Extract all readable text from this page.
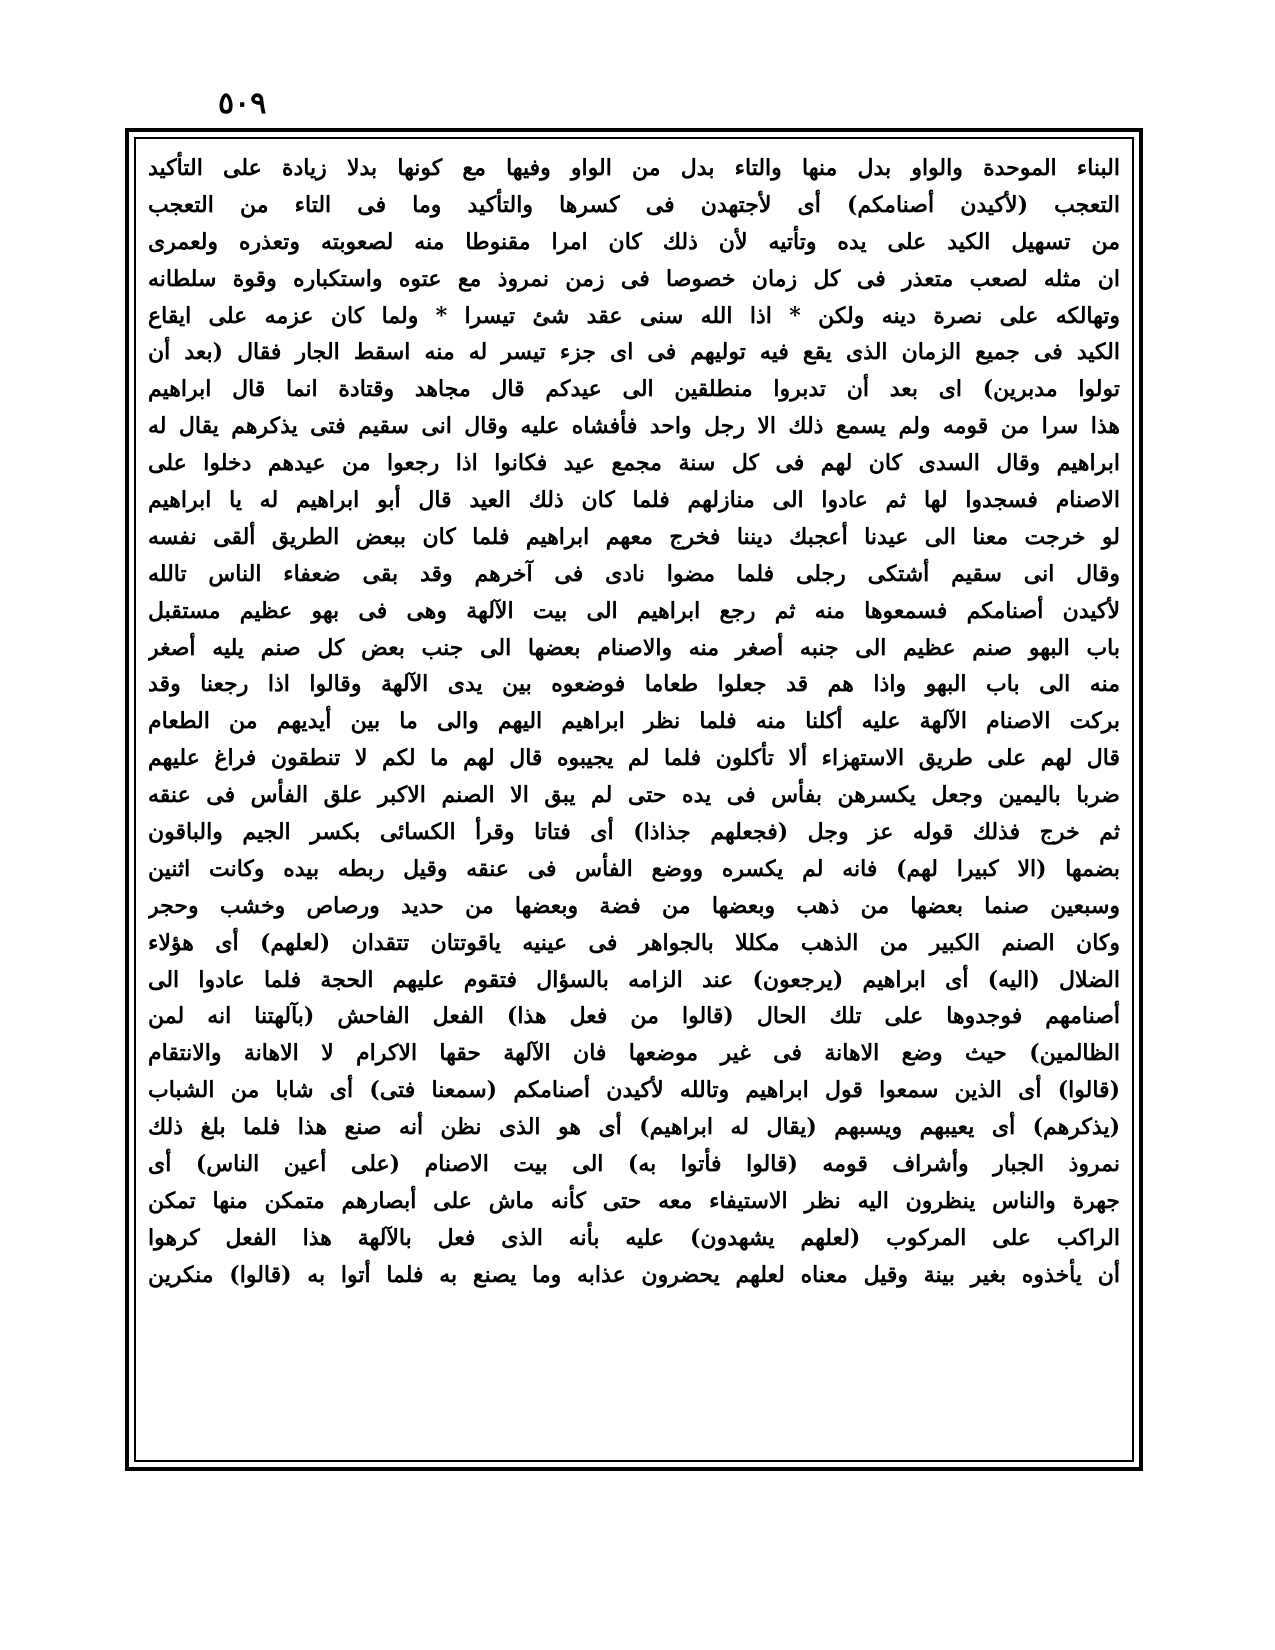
٥٠٩
البناء الموحدة والواو بدل منها والتاء بدل من الواو وفيها مع كونها بدلا زيادة على التأكيد
التعجب (لأكيدن أصنامكم) أى لأجتهدن فى كسرها والتأكيد وما فى التاء من التعجب
من تسهيل الكيد على يده وتأتيه لأن ذلك كان امرا مقنوطا منه لصعوبته وتعذره ولعمرى
ان مثله لصعب متعذر فى كل زمان خصوصا فى زمن نمروذ مع عتوه واستكباره وقوة سلطانه
وتهالكه على نصرة دينه ولكن * اذا الله سنى عقد شئ تيسرا * ولما كان عزمه على ايقاع
الكيد فى جميع الزمان الذى يقع فيه توليهم فى اى جزء تيسر له منه اسقط الجار فقال (بعد أن
تولوا مدبرين) اى بعد أن تدبروا منطلقين الى عيدكم قال مجاهد وقتادة انما قال ابراهيم
هذا سرا من قومه ولم يسمع ذلك الا رجل واحد فأفشاه عليه وقال انى سقيم فتى يذكرهم يقال له
ابراهيم وقال السدى كان لهم فى كل سنة مجمع عيد فكانوا اذا رجعوا من عيدهم دخلوا على
الاصنام فسجدوا لها ثم عادوا الى منازلهم فلما كان ذلك العيد قال أبو ابراهيم له يا ابراهيم
لو خرجت معنا الى عيدنا أعجبك ديننا فخرج معهم ابراهيم فلما كان ببعض الطريق ألقى نفسه
وقال انى سقيم أشتكى رجلى فلما مضوا نادى فى آخرهم وقد بقى ضعفاء الناس تالله
لأكيدن أصنامكم فسمعوها منه ثم رجع ابراهيم الى بيت الآلهة وهى فى بهو عظيم مستقبل
باب البهو صنم عظيم الى جنبه أصغر منه والاصنام بعضها الى جنب بعض كل صنم يليه أصغر
منه الى باب البهو واذا هم قد جعلوا طعاما فوضعوه بين يدى الآلهة وقالوا اذا رجعنا وقد
بركت الاصنام الآلهة عليه أكلنا منه فلما نظر ابراهيم اليهم والى ما بين أيديهم من الطعام
قال لهم على طريق الاستهزاء ألا تأكلون فلما لم يجيبوه قال لهم ما لكم لا تنطقون فراغ عليهم
ضربا باليمين وجعل يكسرهن بفأس فى يده حتى لم يبق الا الصنم الاكبر علق الفأس فى عنقه
ثم خرج فذلك قوله عز وجل (فجعلهم جذاذا) أى فتاتا وقرأ الكسائى بكسر الجيم والباقون
بضمها (الا كبيرا لهم) فانه لم يكسره ووضع الفأس فى عنقه وقيل ربطه بيده وكانت اثنين
وسبعين صنما بعضها من ذهب وبعضها من فضة وبعضها من حديد ورصاص وخشب وحجر
وكان الصنم الكبير من الذهب مكللا بالجواهر فى عينيه ياقوتتان تتقدان (لعلهم) أى هؤلاء
الضلال (اليه) أى ابراهيم (يرجعون) عند الزامه بالسؤال فتقوم عليهم الحجة فلما عادوا الى
أصنامهم فوجدوها على تلك الحال (قالوا من فعل هذا) الفعل الفاحش (بآلهتنا انه لمن
الظالمين) حيث وضع الاهانة فى غير موضعها فان الآلهة حقها الاكرام لا الاهانة والانتقام
(قالوا) أى الذين سمعوا قول ابراهيم وتالله لأكيدن أصنامكم (سمعنا فتى) أى شابا من الشباب
(يذكرهم) أى يعيبهم ويسبهم (يقال له ابراهيم) أى هو الذى نظن أنه صنع هذا فلما بلغ ذلك
نمروذ الجبار وأشراف قومه (قالوا فأتوا به) الى بيت الاصنام (على أعين الناس) أى
جهرة والناس ينظرون اليه نظر الاستيفاء معه حتى كأنه ماش على أبصارهم متمكن منها تمكن
الراكب على المركوب (لعلهم يشهدون) عليه بأنه الذى فعل بالآلهة هذا الفعل كرهوا
أن يأخذوه بغير بينة وقيل معناه لعلهم يحضرون عذابه وما يصنع به فلما أتوا به (قالوا) منكرين
